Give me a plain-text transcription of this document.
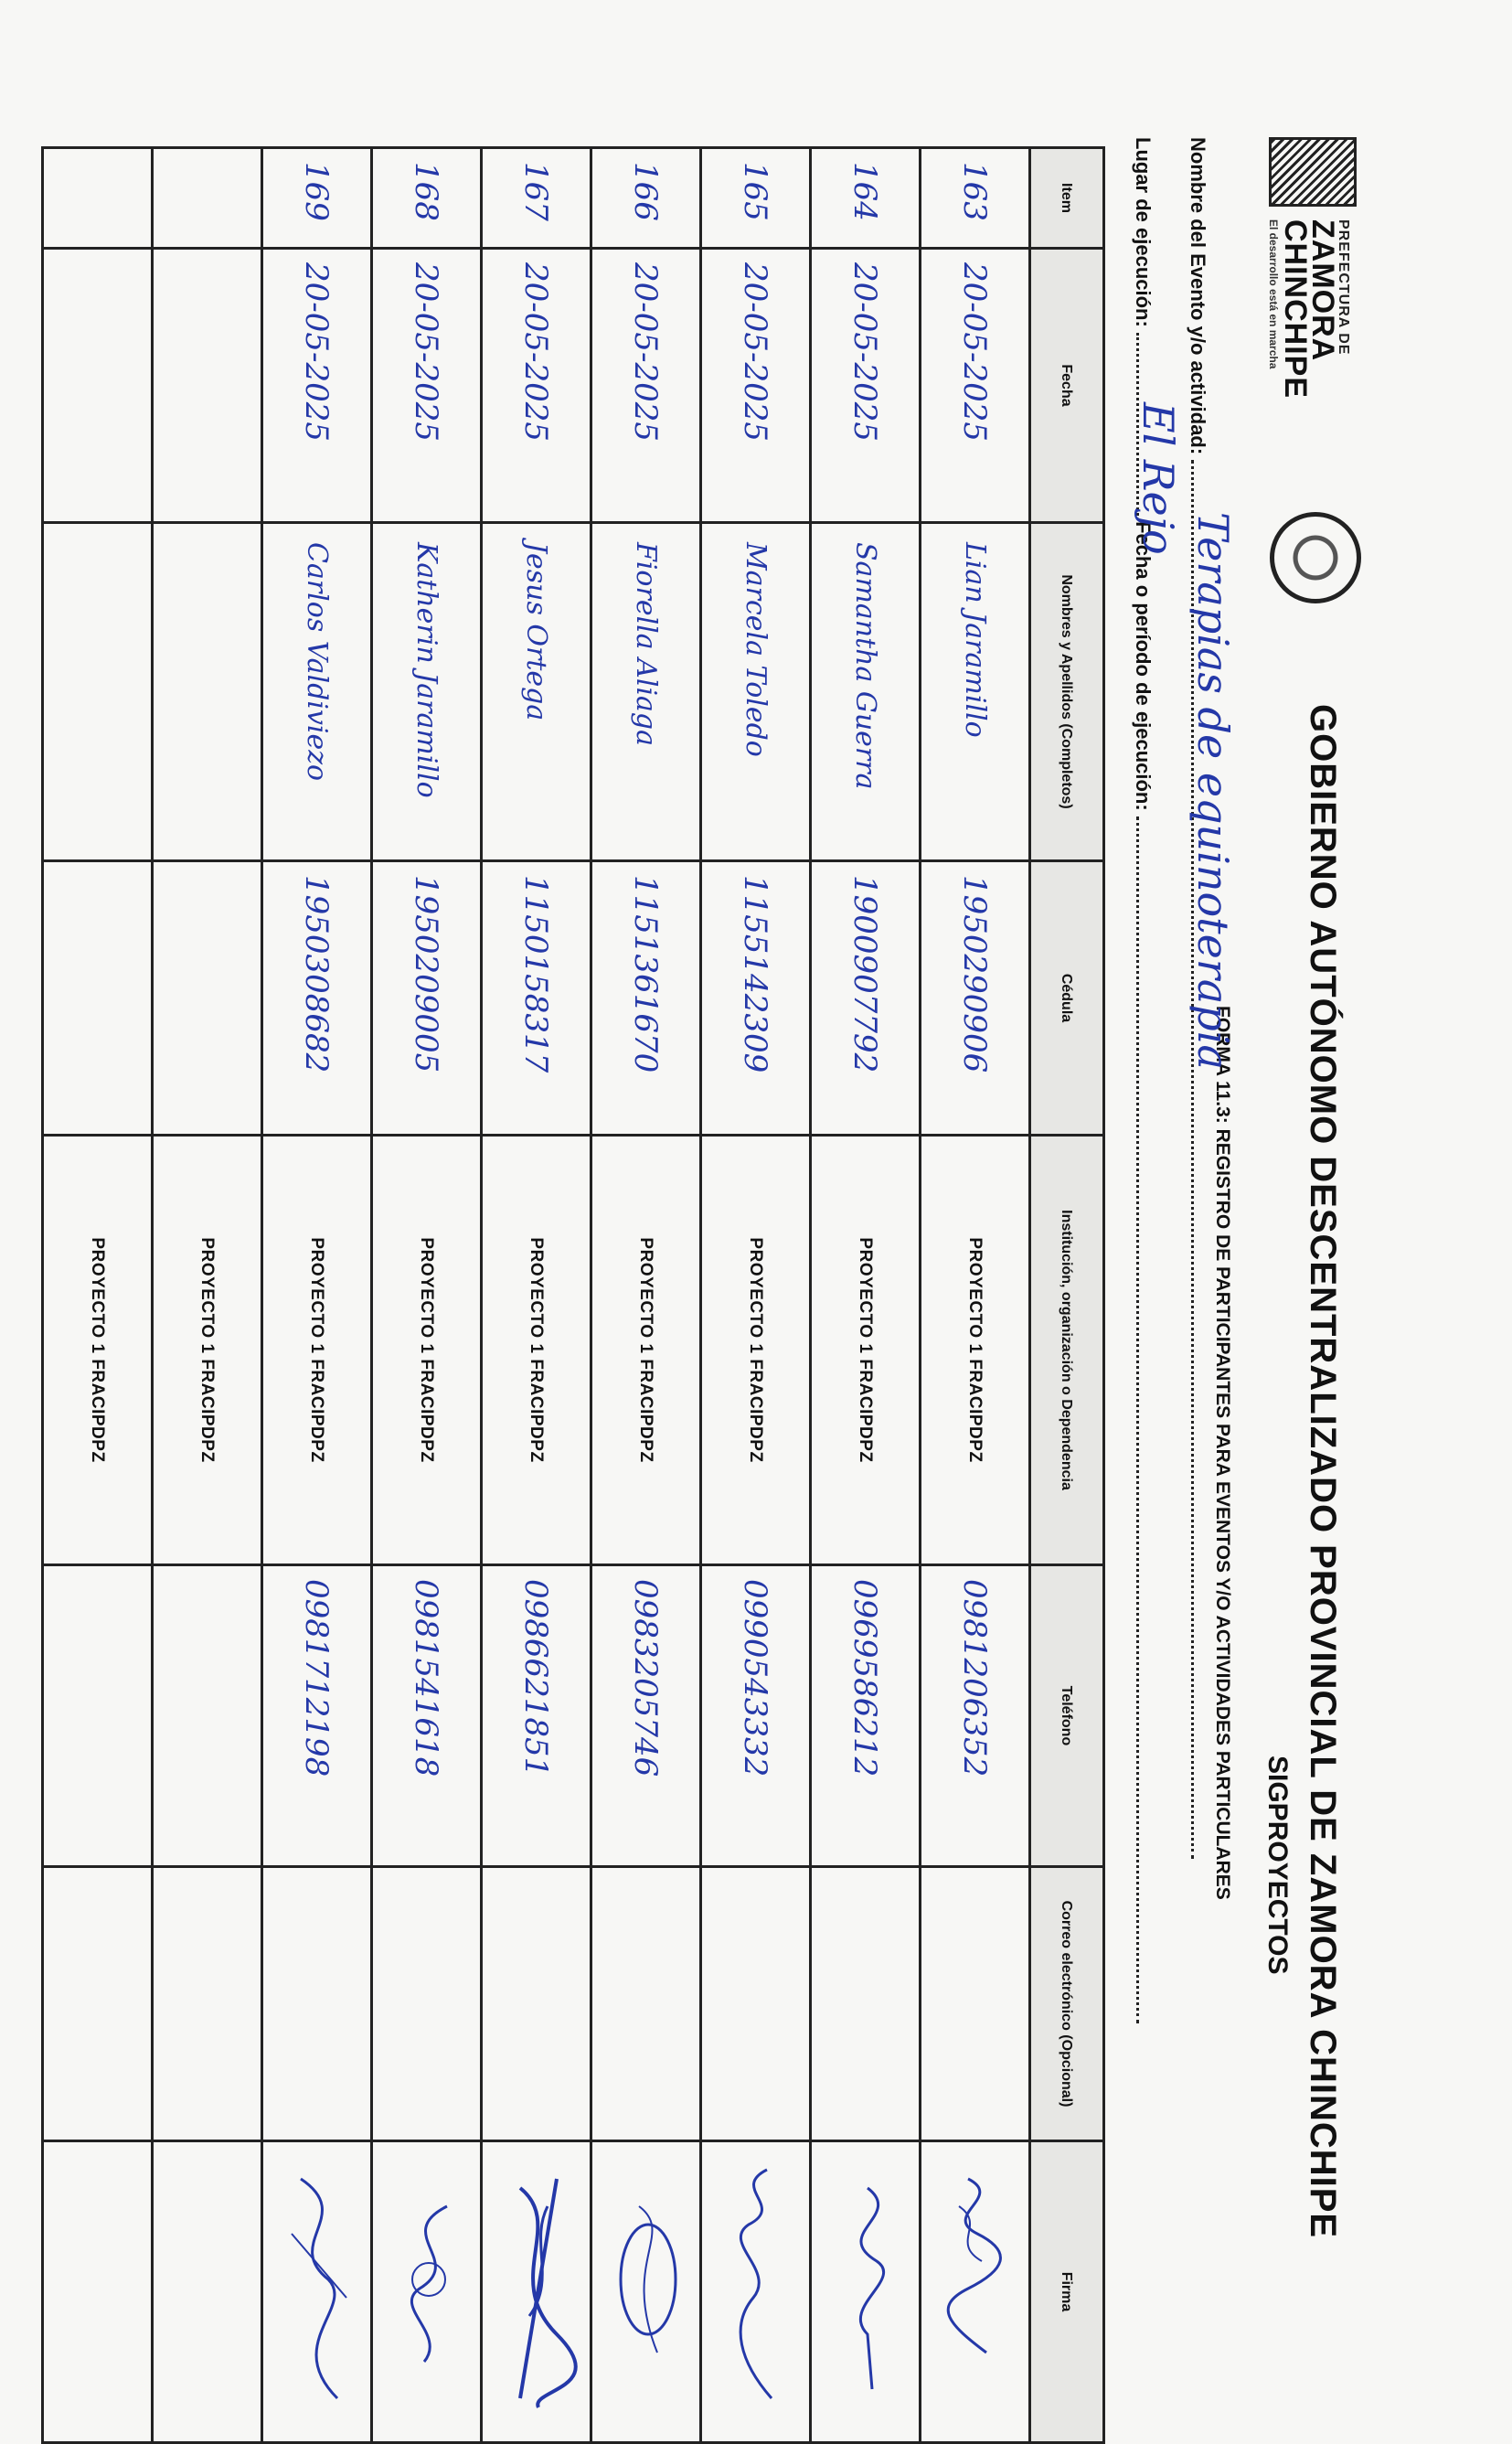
PREFECTURA DE
ZAMORA
CHINCHIPE
El desarrollo está en marcha
GOBIERNO AUTÓNOMO DESCENTRALIZADO PROVINCIAL DE ZAMORA CHINCHIPE
SIGPROYECTOS
FORMA 11.3: REGISTRO DE PARTICIPANTES PARA EVENTOS Y/O ACTIVIDADES PARTICULARES
Nombre del Evento y/o actividad:
Terapias de equinoterapia
Lugar de ejecución:  Fecha o período de ejecución:
El Rejo
Item	Fecha	Nombres y Apellidos (Completos)	Cédula	Institución, organización o Dependencia	Teléfono	Correo electrónico (Opcional)	Firma
163	20-05-2025	Lian Jaramillo	1950290906	PROYECTO 1 FRACIPDPZ	0981206352		

164	20-05-2025	Samantha Guerra	1900907792	PROYECTO 1 FRACIPDPZ	0969586212		

165	20-05-2025	Marcela Toledo	1155142309	PROYECTO 1 FRACIPDPZ	0990543332		

166	20-05-2025	Fiorella Aliaga	1151361670	PROYECTO 1 FRACIPDPZ	0983205746		

167	20-05-2025	Jesus Ortega	1150158317	PROYECTO 1 FRACIPDPZ	0986621851		

168	20-05-2025	Katherin Jaramillo	1950209005	PROYECTO 1 FRACIPDPZ	0981541618		

169	20-05-2025	Carlos Valdiviezo	1950308682	PROYECTO 1 FRACIPDPZ	0981712198		

				PROYECTO 1 FRACIPDPZ			
				PROYECTO 1 FRACIPDPZ			
